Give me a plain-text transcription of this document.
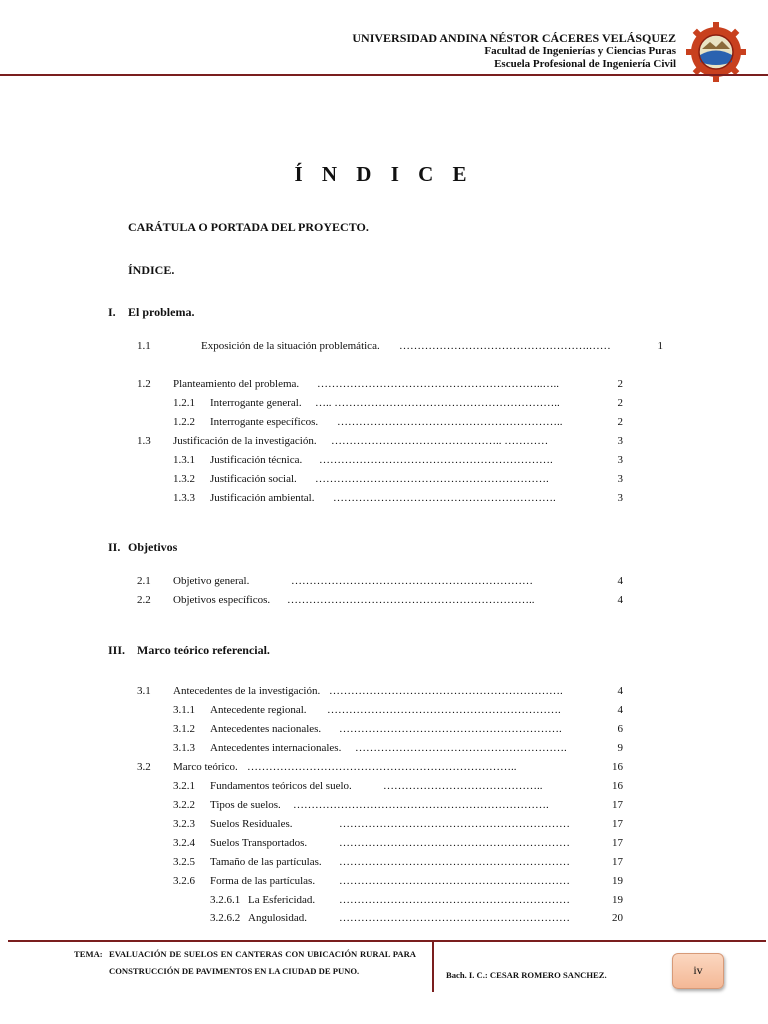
UNIVERSIDAD ANDINA NÉSTOR CÁCERES VELÁSQUEZ
Facultad de Ingenierías y Ciencias Puras
Escuela Profesional de Ingeniería Civil
Í N D I C E
CARÁTULA O PORTADA DEL PROYECTO.
ÍNDICE.
I. El problema.
1.1	Exposición de la situación problemática. …………………………………………….……	1
1.2 Planteamiento del problema. ……………………………………………………..…..	2
1.2.1 Interrogante general. ….. ……………………………………………………..	2
1.2.2 Interrogante específicos. ……………………………………………………..	2
1.3 Justificación de la investigación. ……………………………………….. …………	3
1.3.1 Justificación técnica. ……………………………………………………….	3
1.3.2 Justificación social. ……………………………………………………….	3
1.3.3 Justificación ambiental. …………………………………………………….	3
II. Objetivos
2.1 Objetivo general.	…………………………………………………………	4
2.2 Objetivos específicos. …………………………………………………………..	4
III. Marco teórico referencial.
3.1 Antecedentes de la investigación. ……………………………………………………….	4
3.1.1 Antecedente regional. ……………………………………………………….	4
3.1.2 Antecedentes nacionales. …………………………………………………….	6
3.1.3 Antecedentes internacionales. ………………………………………………….	9
3.2 Marco teórico. ………………………………………………………………..	16
3.2.1 Fundamentos teóricos del suelo.	……………………………………..	16
3.2.2 Tipos de suelos. …………………………………………………………….	17
3.2.3 Suelos Residuales.	………………………………………………………	17
3.2.4 Suelos Transportados.	………………………………………………………	17
3.2.5 Tamaño de las partículas. ………………………………………………………	17
3.2.6 Forma de las partículas. ………………………………………………………	19
3.2.6.1 La Esfericidad. ………………………………………………………	19
3.2.6.2 Angulosidad.	………………………………………………………	20
TEMA: EVALUACIÓN DE SUELOS EN CANTERAS CON UBICACIÓN RURAL PARA CONSTRUCCIÓN DE PAVIMENTOS EN LA CIUDAD DE PUNO.	Bach. I. C.: CESAR ROMERO SANCHEZ.	iv
